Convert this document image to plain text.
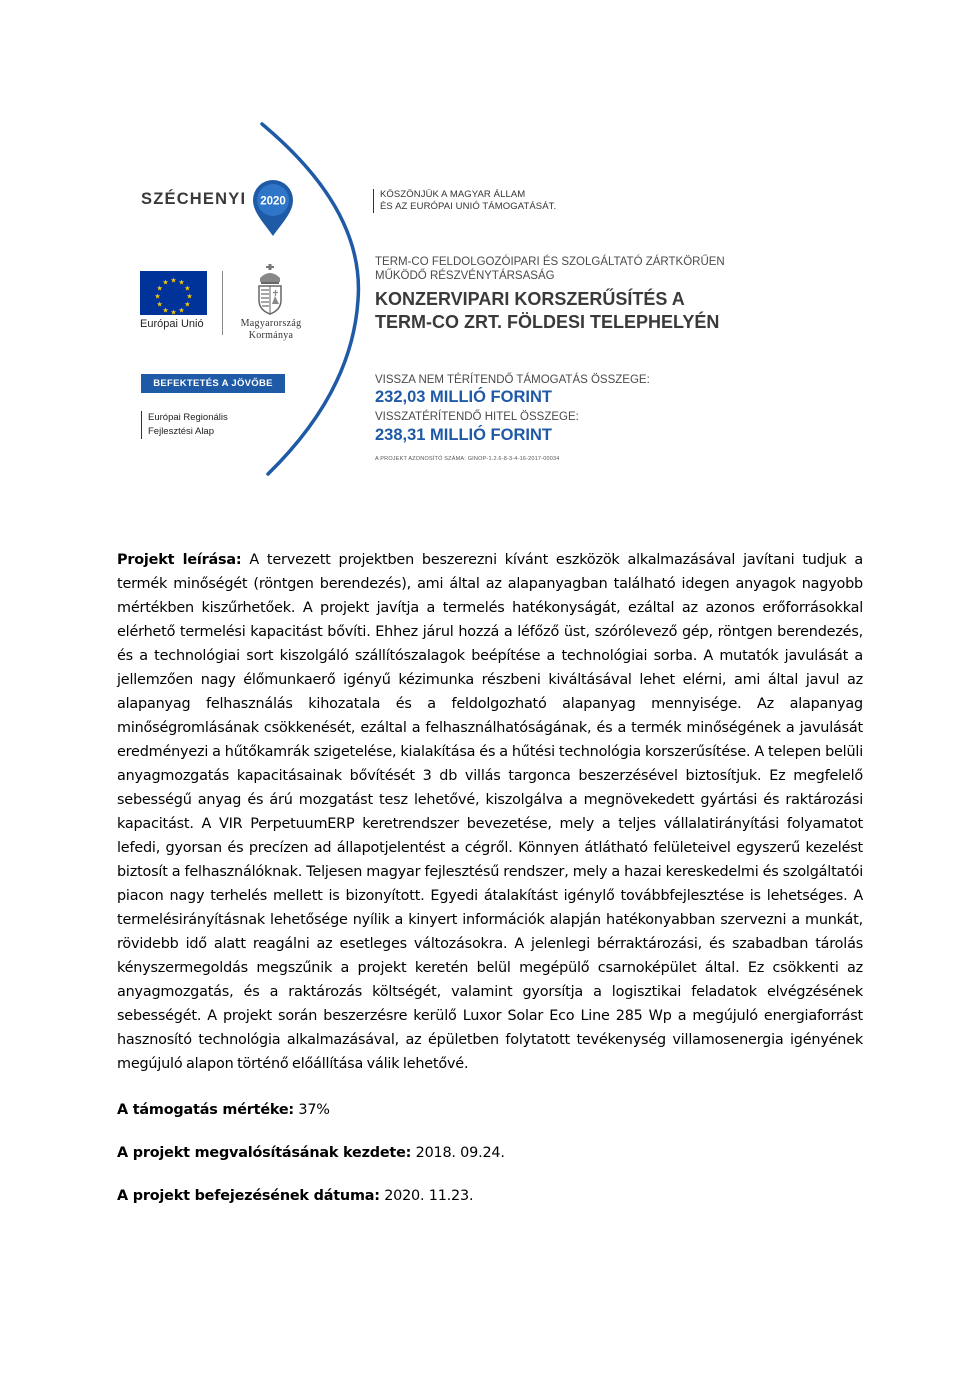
SZÉCHENYI 2020
★ ★
★
★
★
★
★
★
★
★
★
★
Európai Unió	Magyarország
Kormánya
BEFEKTETÉS A JÖVŐBE
Európai Regionális
Fejlesztési Alap
KÖSZÖNJÜK A MAGYAR ÁLLAM
ÉS AZ EURÓPAI UNIÓ TÁMOGATÁSÁT.
TERM-CO FELDOLGOZÓIPARI ÉS SZOLGÁLTATÓ ZÁRTKÖRŰEN
MŰKÖDŐ RÉSZVÉNYTÁRSASÁG
KONZERVIPARI KORSZERŰSÍTÉS A
TERM-CO ZRT. FÖLDESI TELEPHELYÉN
VISSZA NEM TÉRÍTENDŐ TÁMOGATÁS ÖSSZEGE:
232,03 MILLIÓ FORINT
VISSZATÉRÍTENDŐ HITEL ÖSSZEGE:
238,31 MILLIÓ FORINT
A PROJEKT AZONOSÍTÓ SZÁMA: GINOP-1.2.6-8-3-4-16-2017-00034

Projekt leírása: A tervezett projektben beszerezni kívánt eszközök alkalmazásával javítani tudjuk a termék minőségét (röntgen berendezés), ami által az alapanyagban található idegen anyagok nagyobb mértékben kiszűrhetőek. A projekt javítja a termelés hatékonyságát, ezáltal az azonos erőforrásokkal elérhető termelési kapacitást bővíti. Ehhez járul hozzá a léfőző üst, szórólevező gép, röntgen berendezés, és a technológiai sort kiszolgáló szállítószalagok beépítése a technológiai sorba. A mutatók javulását a jellemzően nagy élőmunkaerő igényű kézimunka részbeni kiváltásával lehet elérni, ami által javul az alapanyag felhasználás kihozatala és a feldolgozható alapanyag mennyisége. Az alapanyag minőségromlásának csökkenését, ezáltal a felhasználhatóságának, és a termék minőségének a javulását eredményezi a hűtőkamrák szigetelése, kialakítása és a hűtési technológia korszerűsítése. A telepen belüli anyagmozgatás kapacitásainak bővítését 3 db villás targonca beszerzésével biztosítjuk. Ez megfelelő sebességű anyag és árú mozgatást tesz lehetővé, kiszolgálva a megnövekedett gyártási és raktározási kapacitást. A VIR PerpetuumERP keretrendszer bevezetése, mely a teljes vállalatirányítási folyamatot lefedi, gyorsan és precízen ad állapotjelentést a cégről. Könnyen átlátható felületeivel egyszerű kezelést biztosít a felhasználóknak. Teljesen magyar fejlesztésű rendszer, mely a hazai kereskedelmi és szolgáltatói piacon nagy terhelés mellett is bizonyított. Egyedi átalakítást igénylő továbbfejlesztése is lehetséges. A termelésirányításnak lehetősége nyílik a kinyert információk alapján hatékonyabban szervezni a munkát, rövidebb idő alatt reagálni az esetleges változásokra. A jelenlegi bérraktározási, és szabadban tárolás kényszermegoldás megszűnik a projekt keretén belül megépülő csarnoképület által. Ez csökkenti az anyagmozgatás, és a raktározás költségét, valamint gyorsítja a logisztikai feladatok elvégzésének sebességét. A projekt során beszerzésre kerülő Luxor Solar Eco Line 285 Wp a megújuló energiaforrást hasznosító technológia alkalmazásával, az épületben folytatott tevékenység villamosenergia igényének megújuló alapon történő előállítása válik lehetővé.

A támogatás mértéke: 37%

A projekt megvalósításának kezdete: 2018. 09.24.

A projekt befejezésének dátuma: 2020. 11.23.
